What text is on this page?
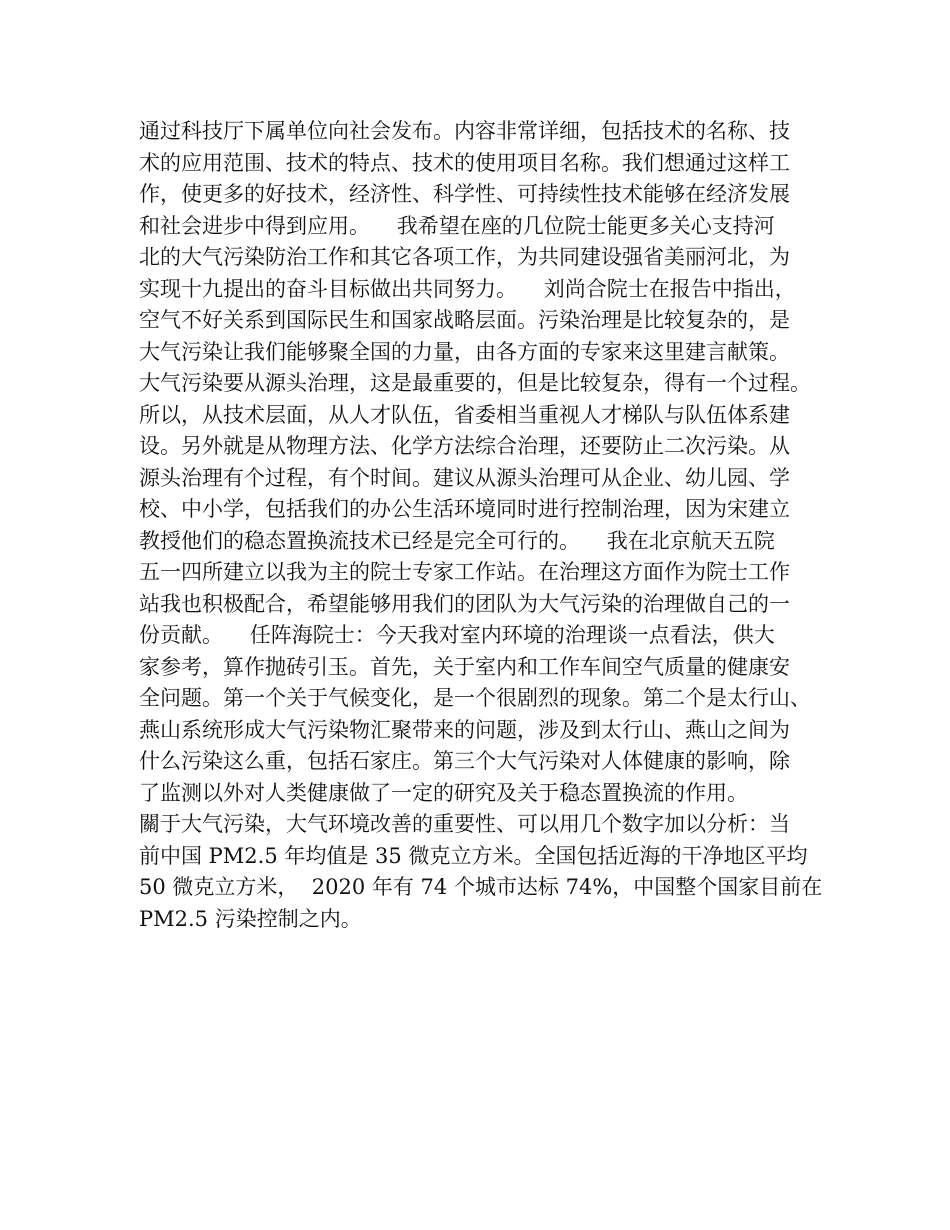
通过科技厅下属单位向社会发布。内容非常详细，包括技术的名称、技
术的应用范围、技术的特点、技术的使用项目名称。我们想通过这样工
作，使更多的好技术，经济性、科学性、可持续性技术能够在经济发展
和社会进步中得到应用。    我希望在座的几位院士能更多关心支持河
北的大气污染防治工作和其它各项工作，为共同建设强省美丽河北，为
实现十九提出的奋斗目标做出共同努力。    刘尚合院士在报告中指出，
空气不好关系到国际民生和国家战略层面。污染治理是比较复杂的，是
大气污染让我们能够聚全国的力量，由各方面的专家来这里建言献策。
大气污染要从源头治理，这是最重要的，但是比较复杂，得有一个过程。
所以，从技术层面，从人才队伍，省委相当重视人才梯队与队伍体系建
设。另外就是从物理方法、化学方法综合治理，还要防止二次污染。从
源头治理有个过程，有个时间。建议从源头治理可从企业、幼儿园、学
校、中小学，包括我们的办公生活环境同时进行控制治理，因为宋建立
教授他们的稳态置换流技术已经是完全可行的。    我在北京航天五院
五一四所建立以我为主的院士专家工作站。在治理这方面作为院士工作
站我也积极配合，希望能够用我们的团队为大气污染的治理做自己的一
份贡献。    任阵海院士：今天我对室内环境的治理谈一点看法，供大
家参考，算作抛砖引玉。首先，关于室内和工作车间空气质量的健康安
全问题。第一个关于气候变化，是一个很剧烈的现象。第二个是太行山、
燕山系统形成大气污染物汇聚带来的问题，涉及到太行山、燕山之间为
什么污染这么重，包括石家庄。第三个大气污染对人体健康的影响，除
了监测以外对人类健康做了一定的研究及关于稳态置换流的作用。
關于大气污染，大气环境改善的重要性、可以用几个数字加以分析：当
前中国 PM2.5 年均值是 35 微克立方米。全国包括近海的干净地区平均
50 微克立方米，  2020 年有 74 个城市达标 74%，中国整个国家目前在
PM2.5 污染控制之内。
